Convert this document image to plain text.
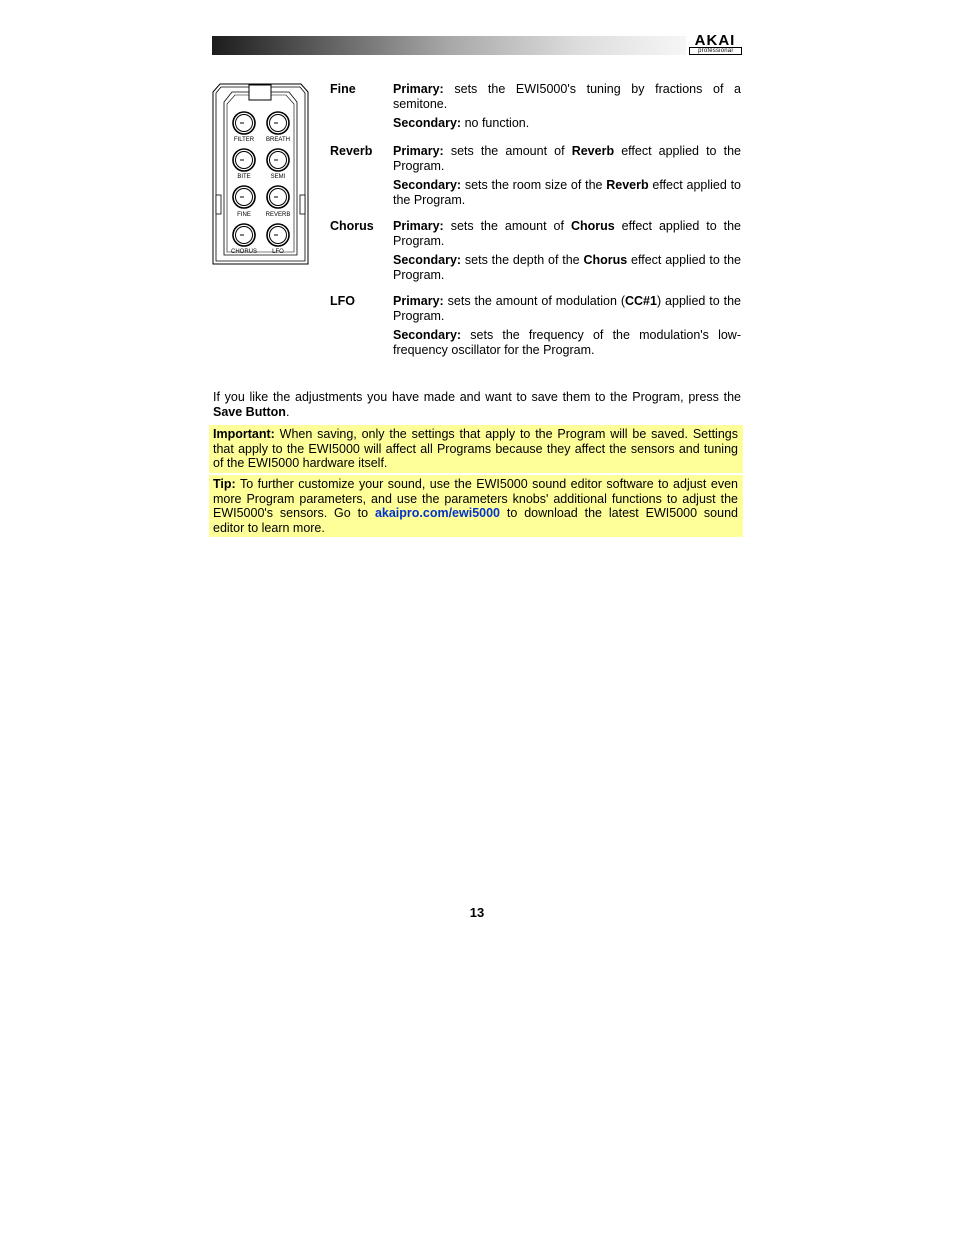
AKAI
professional
FILTER BREATH
BITE	SEMI
FINE REVERB
CHORUS	LFO
Fine	Primary: sets the EWI5000's tuning by fractions of a semitone.

Secondary: no function.

Reverb Primary: sets the amount of Reverb effect applied to the Program.

Secondary: sets the room size of the Reverb effect applied to the Program.

Chorus Primary: sets the amount of Chorus effect applied to the Program.

Secondary: sets the depth of the Chorus effect applied to the Program.

LFO	Primary: sets the amount of modulation (CC#1) applied to the Program.

Secondary: sets the frequency of the modulation's low-frequency oscillator for the Program.

If you like the adjustments you have made and want to save them to the Program, press the Save Button.
Important: When saving, only the settings that apply to the Program will be saved. Settings that apply to the EWI5000 will affect all Programs because they affect the sensors and tuning of the EWI5000 hardware itself.
Tip: To further customize your sound, use the EWI5000 sound editor software to adjust even more Program parameters, and use the parameters knobs' additional functions to adjust the EWI5000's sensors. Go to akaipro.com/ewi5000 to download the latest EWI5000 sound editor to learn more.
13
